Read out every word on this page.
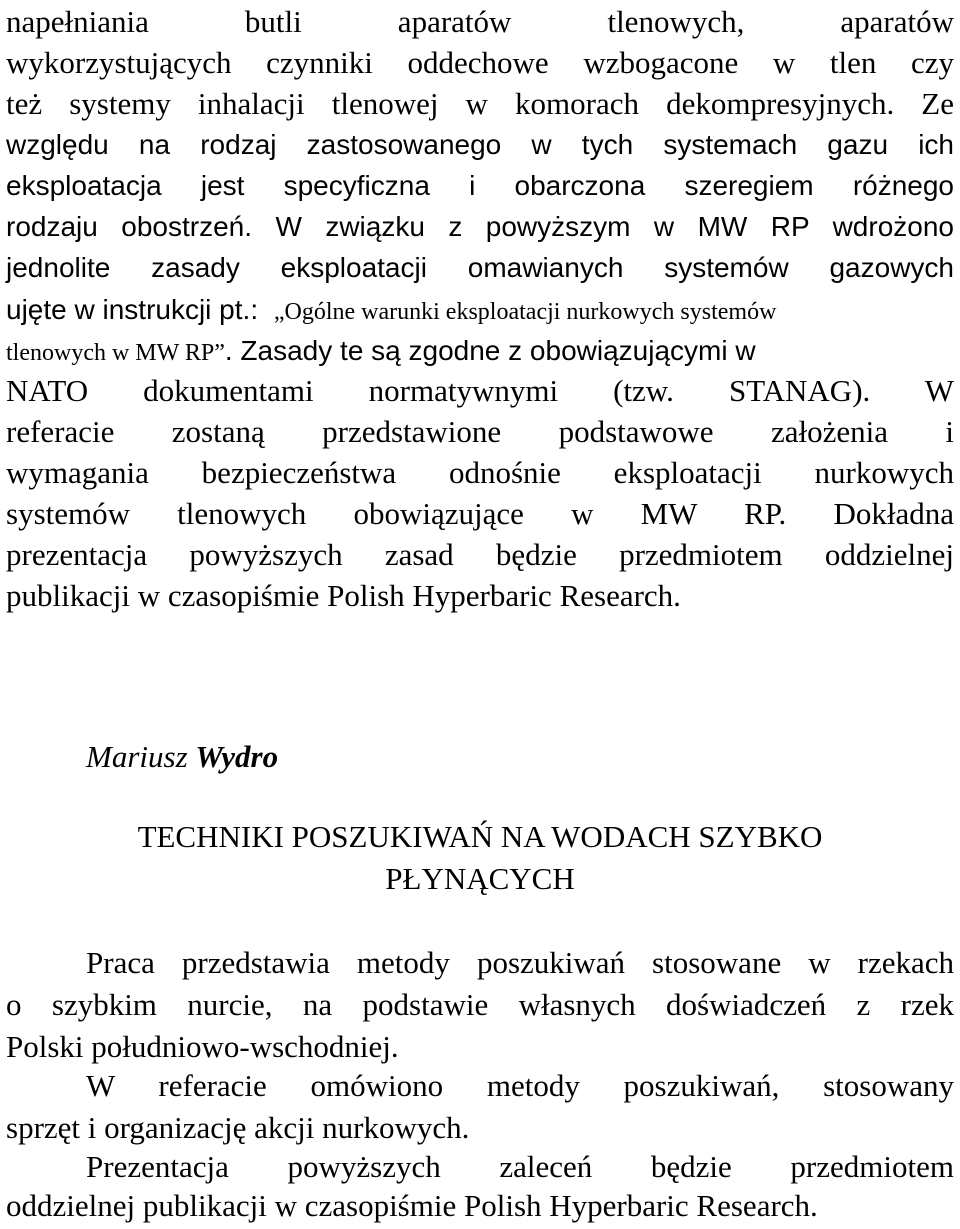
napełniania butli aparatów tlenowych, aparatów
wykorzystujących czynniki oddechowe wzbogacone w tlen czy
też systemy inhalacji tlenowej w komorach dekompresyjnych. Ze
względu na rodzaj zastosowanego w tych systemach gazu ich
eksploatacja jest specyficzna i obarczona szeregiem różnego
rodzaju obostrzeń. W związku z powyższym w MW RP wdrożono
jednolite zasady eksploatacji omawianych systemów gazowych
ujęte w instrukcji pt.: „Ogólne warunki eksploatacji nurkowych systemów
tlenowych w MW RP”. Zasady te są zgodne z obowiązującymi w
NATO dokumentami normatywnymi (tzw. STANAG). W
referacie zostaną przedstawione podstawowe założenia i
wymagania bezpieczeństwa odnośnie eksploatacji nurkowych
systemów tlenowych obowiązujące w MW RP. Dokładna
prezentacja powyższych zasad będzie przedmiotem oddzielnej
publikacji w czasopiśmie Polish Hyperbaric Research.
Mariusz Wydro
TECHNIKI POSZUKIWAŃ NA WODACH SZYBKO
PŁYNĄCYCH
Praca przedstawia metody poszukiwań stosowane w rzekach
o szybkim nurcie, na podstawie własnych doświadczeń z rzek
Polski południowo-wschodniej.
W referacie omówiono metody poszukiwań, stosowany
sprzęt i organizację akcji nurkowych.
Prezentacja powyższych zaleceń będzie przedmiotem
oddzielnej publikacji w czasopiśmie Polish Hyperbaric Research.
